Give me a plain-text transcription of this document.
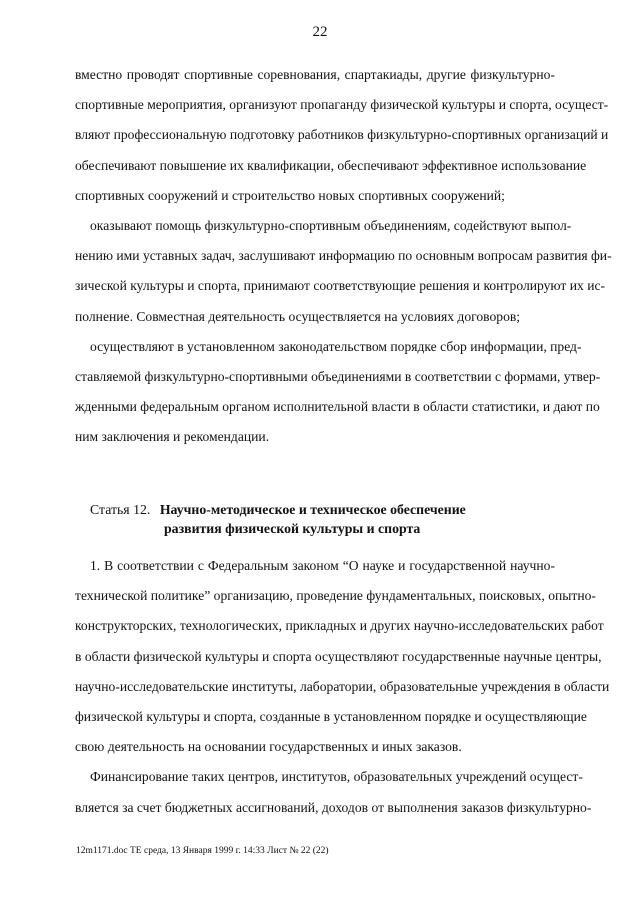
22
вместно проводят спортивные соревнования, спартакиады, другие физкультурно-
спортивные мероприятия, организуют пропаганду физической культуры и спорта, осущест-
вляют профессиональную подготовку работников физкультурно-спортивных организаций и
обеспечивают повышение их квалификации, обеспечивают эффективное использование
спортивных сооружений и строительство новых спортивных сооружений;
оказывают помощь физкультурно-спортивным объединениям, содействуют выпол-
нению ими уставных задач, заслушивают информацию по основным вопросам развития фи-
зической культуры и спорта, принимают соответствующие решения и контролируют их ис-
полнение. Совместная деятельность осуществляется на условиях договоров;
осуществляют в установленном законодательством порядке сбор информации, пред-
ставляемой физкультурно-спортивными объединениями в соответствии с формами, утвер-
жденными федеральным органом исполнительной власти в области статистики, и дают по
ним заключения и рекомендации.
Статья 12. Научно-методическое и техническое обеспечение
развития физической культуры и спорта
1. В соответствии с Федеральным законом “О науке и государственной научно-
технической политике” организацию, проведение фундаментальных, поисковых, опытно-
конструкторских, технологических, прикладных и других научно-исследовательских работ
в области физической культуры и спорта осуществляют государственные научные центры,
научно-исследовательские институты, лаборатории, образовательные учреждения в области
физической культуры и спорта, созданные в установленном порядке и осуществляющие
свою деятельность на основании государственных и иных заказов.
Финансирование таких центров, институтов, образовательных учреждений осущест-
вляется за счет бюджетных ассигнований, доходов от выполнения заказов физкультурно-
12m1171.doc ТЕ среда, 13 Января 1999 г. 14:33 Лист № 22 (22)
